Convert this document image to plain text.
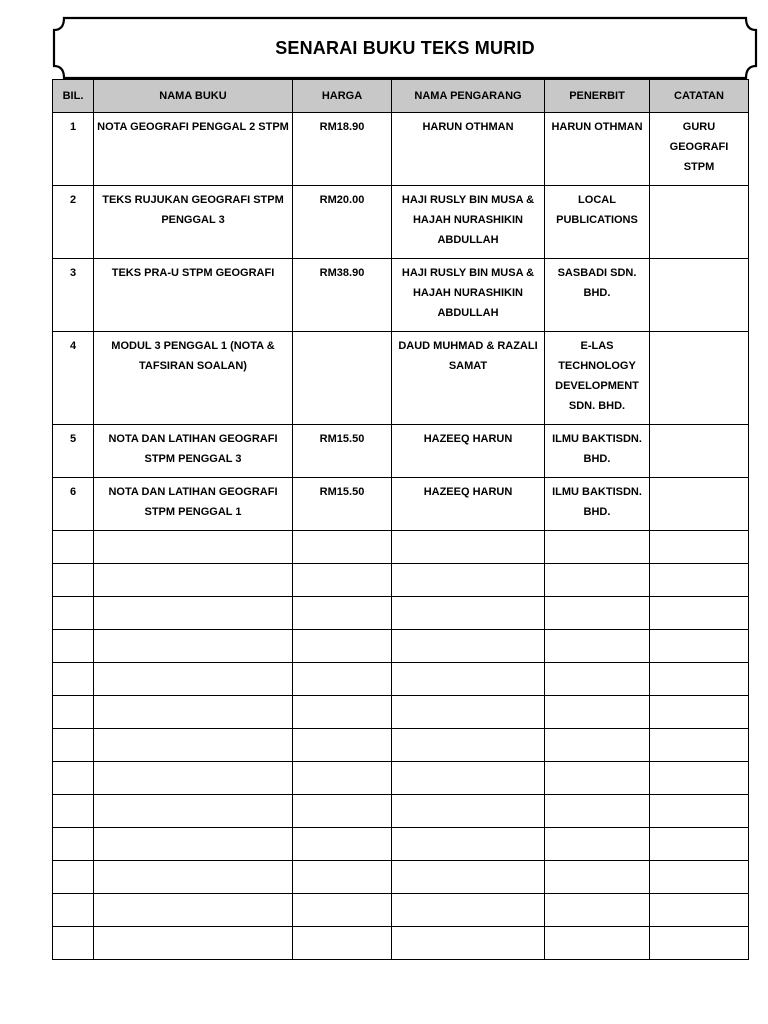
SENARAI BUKU TEKS MURID
BIL.	NAMA BUKU	HARGA	NAMA PENGARANG	PENERBIT	CATATAN
1	NOTA GEOGRAFI PENGGAL 2 STPM	RM18.90	HARUN OTHMAN	HARUN OTHMAN	GURU GEOGRAFI STPM
2	TEKS RUJUKAN GEOGRAFI STPM PENGGAL 3	RM20.00	HAJI RUSLY BIN MUSA & HAJAH NURASHIKIN ABDULLAH	LOCAL PUBLICATIONS	
3	TEKS PRA-U STPM GEOGRAFI	RM38.90	HAJI RUSLY BIN MUSA & HAJAH NURASHIKIN ABDULLAH	SASBADI SDN. BHD.	
4	MODUL 3 PENGGAL 1 (NOTA & TAFSIRAN SOALAN)		DAUD MUHMAD & RAZALI SAMAT	E-LAS TECHNOLOGY DEVELOPMENT SDN. BHD.	
5	NOTA DAN LATIHAN GEOGRAFI STPM PENGGAL 3	RM15.50	HAZEEQ HARUN	ILMU BAKTISDN. BHD.	
6	NOTA DAN LATIHAN GEOGRAFI STPM PENGGAL 1	RM15.50	HAZEEQ HARUN	ILMU BAKTISDN. BHD.	
